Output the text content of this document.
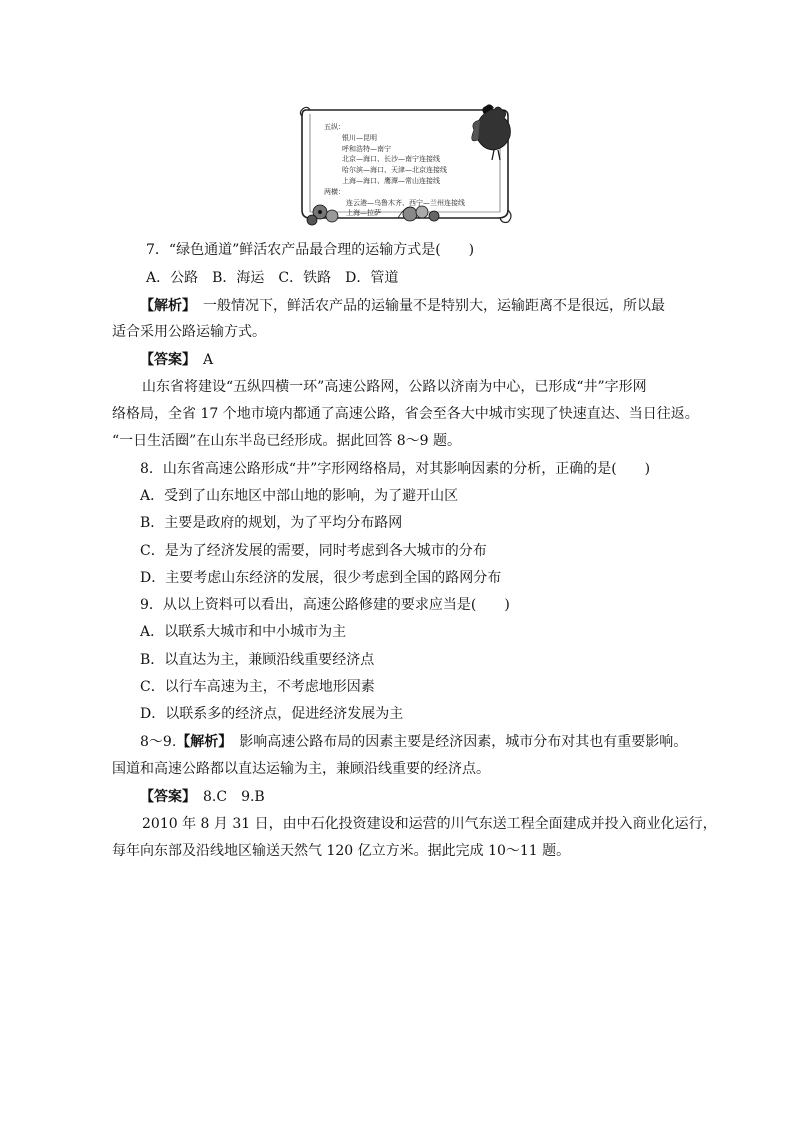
五纵：
银川—昆明
呼和浩特—南宁
北京—海口、长沙—南宁连接线
哈尔滨—海口、天津—北京连接线
上海—海口、鹰潭—常山连接线
两横：
连云港—乌鲁木齐、西宁—兰州连接线
上海—拉萨
7．“绿色通道”鲜活农产品最合理的运输方式是(　　)
A．公路　B．海运　C．铁路　D．管道
【解析】　一般情况下，鲜活农产品的运输量不是特别大，运输距离不是很远，所以最
适合采用公路运输方式。
【答案】　A
山东省将建设“五纵四横一环”高速公路网，公路以济南为中心，已形成“井”字形网
络格局，全省 17 个地市境内都通了高速公路，省会至各大中城市实现了快速直达、当日往返。
“一日生活圈”在山东半岛已经形成。据此回答 8～9 题。
8．山东省高速公路形成“井”字形网络格局，对其影响因素的分析，正确的是(　　)
A．受到了山东地区中部山地的影响，为了避开山区
B．主要是政府的规划，为了平均分布路网
C．是为了经济发展的需要，同时考虑到各大城市的分布
D．主要考虑山东经济的发展，很少考虑到全国的路网分布
9．从以上资料可以看出，高速公路修建的要求应当是(　　)
A．以联系大城市和中小城市为主
B．以直达为主，兼顾沿线重要经济点
C．以行车高速为主，不考虑地形因素
D．以联系多的经济点，促进经济发展为主
8～9.【解析】　影响高速公路布局的因素主要是经济因素，城市分布对其也有重要影响。
国道和高速公路都以直达运输为主，兼顾沿线重要的经济点。
【答案】　8.C　9.B
2010 年 8 月 31 日，由中石化投资建设和运营的川气东送工程全面建成并投入商业化运行，
每年向东部及沿线地区输送天然气 120 亿立方米。据此完成 10～11 题。
